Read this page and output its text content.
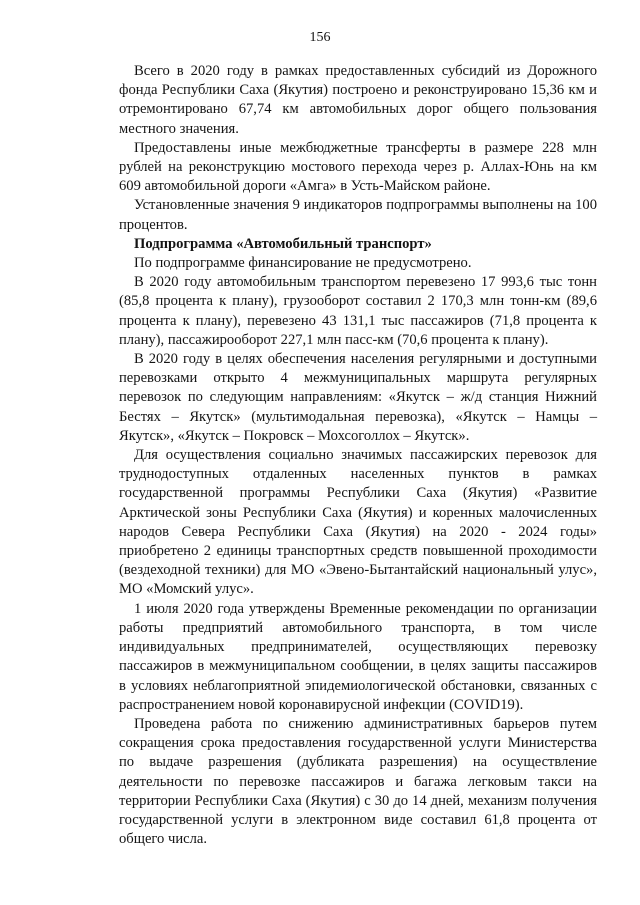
156

Всего в 2020 году в рамках предоставленных субсидий из Дорожного фонда Республики Саха (Якутия) построено и реконструировано 15,36 км и отремонтировано 67,74 км автомобильных дорог общего пользования местного значения.

Предоставлены иные межбюджетные трансферты в размере 228 млн рублей на реконструкцию мостового перехода через р. Аллах-Юнь на км 609 автомобильной дороги «Амга» в Усть-Майском районе.

Установленные значения 9 индикаторов подпрограммы выполнены на 100 процентов.

Подпрограмма «Автомобильный транспорт»

По подпрограмме финансирование не предусмотрено.

В 2020 году автомобильным транспортом перевезено 17 993,6 тыс тонн (85,8 процента к плану), грузооборот составил 2 170,3 млн тонн-км (89,6 процента к плану), перевезено 43 131,1 тыс пассажиров (71,8 процента к плану), пассажирооборот 227,1 млн пасс-км (70,6 процента к плану).

В 2020 году в целях обеспечения населения регулярными и доступными перевозками открыто 4 межмуниципальных маршрута регулярных перевозок по следующим направлениям: «Якутск – ж/д станция Нижний Бестях – Якутск» (мультимодальная перевозка), «Якутск – Намцы – Якутск», «Якутск – Покровск – Мохсоголлох – Якутск».

Для осуществления социально значимых пассажирских перевозок для труднодоступных отдаленных населенных пунктов в рамках государственной программы Республики Саха (Якутия) «Развитие Арктической зоны Республики Саха (Якутия) и коренных малочисленных народов Севера Республики Саха (Якутия) на 2020 - 2024 годы» приобретено 2 единицы транспортных средств повышенной проходимости (вездеходной техники) для МО «Эвено-Бытантайский национальный улус», МО «Момский улус».

1 июля 2020 года утверждены Временные рекомендации по организации работы предприятий автомобильного транспорта, в том числе индивидуальных предпринимателей, осуществляющих перевозку пассажиров в межмуниципальном сообщении, в целях защиты пассажиров в условиях неблагоприятной эпидемиологической обстановки, связанных с распространением новой коронавирусной инфекции (COVID19).

Проведена работа по снижению административных барьеров путем сокращения срока предоставления государственной услуги Министерства по выдаче разрешения (дубликата разрешения) на осуществление деятельности по перевозке пассажиров и багажа легковым такси на территории Республики Саха (Якутия) с 30 до 14 дней, механизм получения государственной услуги в электронном виде составил 61,8 процента от общего числа.
